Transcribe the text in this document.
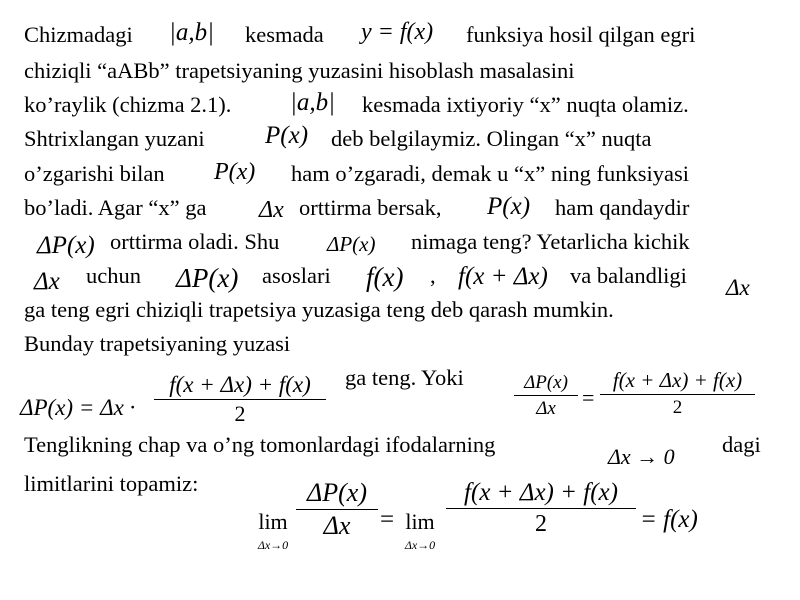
Chizmadagi |a,b| kesmada y = f(x) funksiya hosil qilgan egri
chiziqli “aABb” trapetsiyaning yuzasini hisoblash masalasini
ko’raylik (chizma 2.1). |a,b| kesmada ixtiyoriy “x” nuqta olamiz.
Shtrixlangan yuzani P(x) deb belgilaymiz. Olingan “x” nuqta
o’zgarishi bilan P(x) ham o’zgaradi, demak u “x” ning funksiyasi
bo’ladi. Agar “x” ga Δx orttirma bersak, P(x) ham qandaydir
ΔP(x) orttirma oladi. Shu ΔP(x) nimaga teng? Yetarlicha kichik
Δx uchun ΔP(x) asoslari f(x) , f(x + Δx) va balandligi Δx
ga teng egri chiziqli trapetsiya yuzasiga teng deb qarash mumkin.
Bunday trapetsiyaning yuzasi
ΔP(x) = Δx ·
f(x + Δx) + f(x)
2
ga teng. Yoki	ΔP(x)
Δx	=
f(x + Δx) + f(x)
2
Tenglikning chap va o’ng tomonlardagi ifodalarning	Δx → 0 dagi
limitlarini topamiz:
lim
Δx→0
ΔP(x)
Δx	= lim
Δx→0
f(x + Δx) + f(x)
2	= f(x)
